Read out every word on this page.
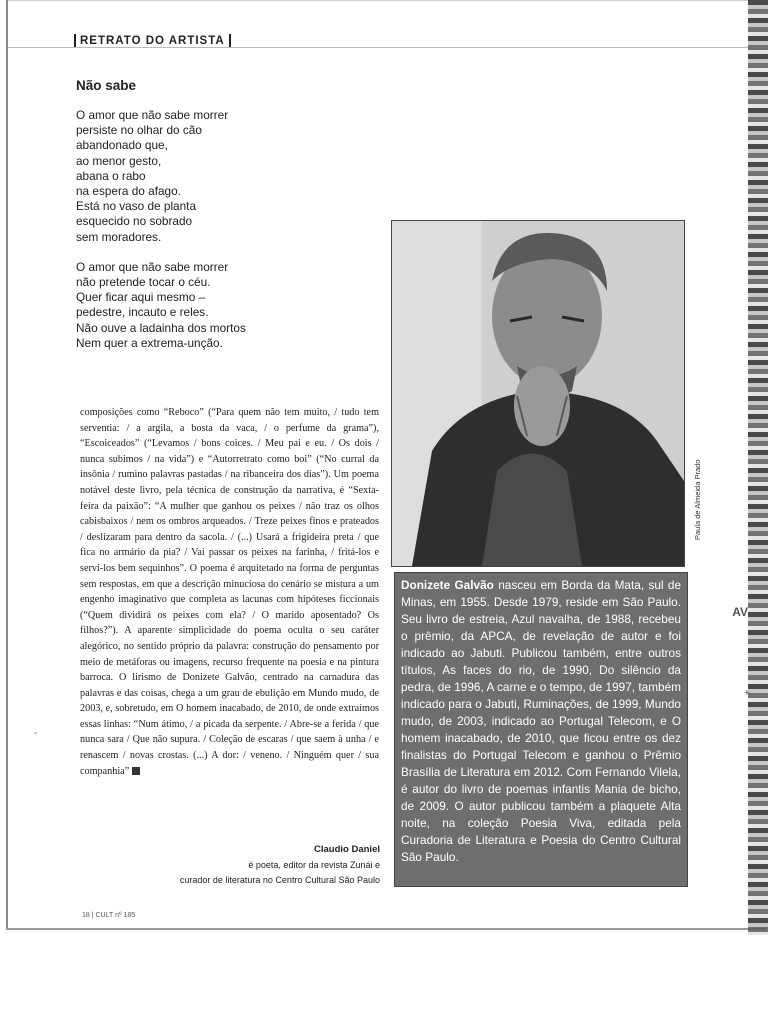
RETRATO DO ARTISTA
Não sabe
O amor que não sabe morrer
persiste no olhar do cão
abandonado que,
ao menor gesto,
abana o rabo
na espera do afago.
Está no vaso de planta
esquecido no sobrado
sem moradores.
O amor que não sabe morrer
não pretende tocar o céu.
Quer ficar aqui mesmo –
pedestre, incauto e reles.
Não ouve a ladainha dos mortos
Nem quer a extrema-unção.

composições como “Reboco” (“Para quem não tem muito, / tudo tem serventia: / a argila, a bosta da vaca, / o perfume da grama”), “Escoiceados” (“Levamos / bons coices. / Meu pai e eu. / Os dois / nunca subimos / na vida”) e “Autorretrato como boi” (“No curral da insônia / rumino palavras pastadas / na ribanceira dos dias”). Um poema notável deste livro, pela técnica de construção da narrativa, é “Sexta-feira da paixão”: “A mulher que ganhou os peixes / não traz os olhos cabisbaixos / nem os ombros arqueados. / Treze peixes finos e prateados / deslizaram para dentro da sacola. / (...) Usará a frigideira preta / que fica no armário da pia? / Vai passar os peixes na farinha, / fritá-los e servi-los bem sequinhos”. O poema é arquitetado na forma de perguntas sem respostas, em que a descrição minuciosa do cenário se mistura a um engenho imaginativo que completa as lacunas com hipóteses ficcionais (“Quem dividirá os peixes com ela? / O marido aposentado? Os filhos?”). A aparente simplicidade do poema oculta o seu caráter alegórico, no sentido próprio da palavra: construção do pensamento por meio de metáforas ou imagens, recurso frequente na poesia e na pintura barroca. O lirismo de Donizete Galvão, centrado na carnadura das palavras e das coisas, chega a um grau de ebulição em Mundo mudo, de 2003, e, sobretudo, em O homem inacabado, de 2010, de onde extraímos essas linhas: “Num átimo, / a picada da serpente. / Abre-se a ferida / que nunca sara / Que não supura. / Coleção de escaras / que saem à unha / e renascem / novas crostas. (...) A dor: / veneno. / Ninguém quer / sua companhia”

Claudio Daniel
é poeta, editor da revista Zunái e
curador de literatura no Centro Cultural São Paulo
18 | CULT nº 185
Paula de Almeida Prado
Donizete Galvão nasceu em Borda da Mata, sul de Minas, em 1955. Desde 1979, reside em São Paulo. Seu livro de estreia, Azul navalha, de 1988, recebeu o prêmio, da APCA, de revelação de autor e foi indicado ao Jabuti. Publicou também, entre outros títulos, As faces do rio, de 1990, Do silêncio da pedra, de 1996, A carne e o tempo, de 1997, também indicado para o Jabuti, Ruminações, de 1999, Mundo mudo, de 2003, indicado ao Portugal Telecom, e O homem inacabado, de 2010, que ficou entre os dez finalistas do Portugal Telecom e ganhou o Prêmio Brasília de Literatura em 2012. Com Fernando Vilela, é autor do livro de poemas infantis Mania de bicho, de 2009. O autor publicou também a plaquete Alta noite, na coleção Poesia Viva, editada pela Curadoria de Literatura e Poesia do Centro Cultural São Paulo.
AV
+
-
